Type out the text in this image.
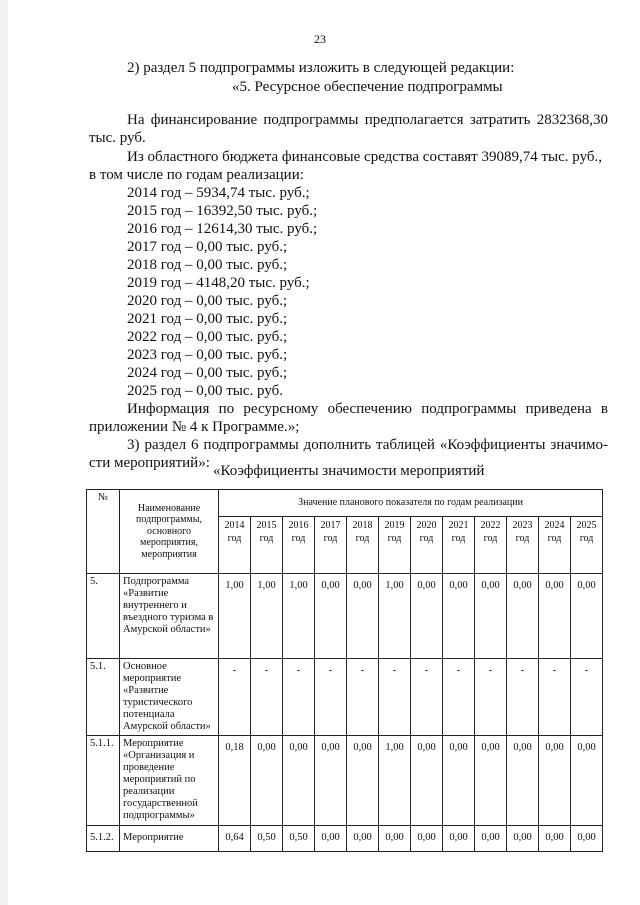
23
2) раздел 5 подпрограммы изложить в следующей редакции:
«5. Ресурсное обеспечение подпрограммы
На финансирование подпрограммы предполагается затратить 2832368,30
тыс. руб.
Из областного бюджета финансовые средства составят 39089,74 тыс. руб.,
в том числе по годам реализации:
2014 год – 5934,74 тыс. руб.;
2015 год – 16392,50 тыс. руб.;
2016 год – 12614,30 тыс. руб.;
2017 год – 0,00 тыс. руб.;
2018 год – 0,00 тыс. руб.;
2019 год – 4148,20 тыс. руб.;
2020 год – 0,00 тыс. руб.;
2021 год – 0,00 тыс. руб.;
2022 год – 0,00 тыс. руб.;
2023 год – 0,00 тыс. руб.;
2024 год – 0,00 тыс. руб.;
2025 год – 0,00 тыс. руб.
Информация по ресурсному обеспечению подпрограммы приведена в
приложении № 4 к Программе.»;
3) раздел 6 подпрограммы дополнить таблицей «Коэффициенты значимо-
сти мероприятий»: «Коэффициенты значимости мероприятий
№	Наименование подпрограммы, основного мероприятия, мероприятия	Значение планового показателя по годам реализации											
		2014 год	2015 год	2016 год	2017 год	2018 год	2019 год	2020 год	2021 год	2022 год	2023 год	2024 год	2025 год
5.	Подпрограмма «Развитие внутреннего и въездного туризма в Амурской области»	1,00	1,00	1,00	0,00	0,00	1,00	0,00	0,00	0,00	0,00	0,00	0,00
5.1.	Основное мероприятие «Развитие туристического потенциала Амурской области»	-	-	-	-	-	-	-	-	-	-	-	-
5.1.1.	Мероприятие «Организация и проведение мероприятий по реализации государственной подпрограммы»	0,18	0,00	0,00	0,00	0,00	1,00	0,00	0,00	0,00	0,00	0,00	0,00
5.1.2.	Мероприятие	0,64	0,50	0,50	0,00	0,00	0,00	0,00	0,00	0,00	0,00	0,00	0,00
